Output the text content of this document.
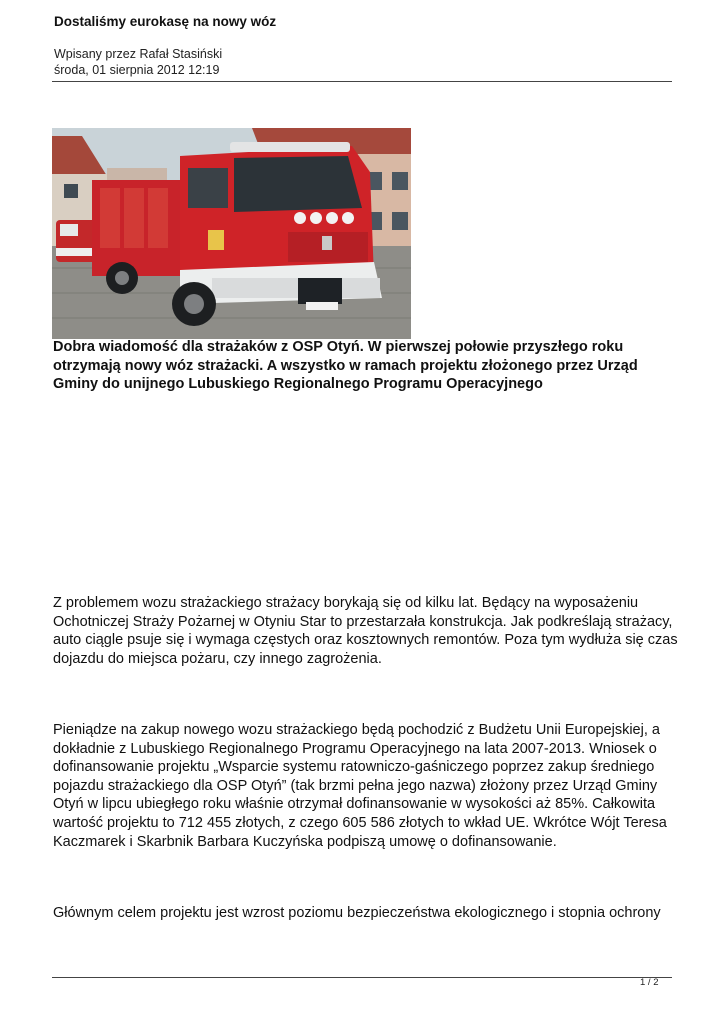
Dostaliśmy eurokasę na nowy wóz
Wpisany przez Rafał Stasiński
środa, 01 sierpnia 2012 12:19

Dobra wiadomość dla strażaków z OSP Otyń. W pierwszej połowie przyszłego roku otrzymają nowy wóz strażacki. A wszystko w ramach projektu złożonego przez Urząd Gminy do unijnego Lubuskiego Regionalnego Programu Operacyjnego

Z problemem wozu strażackiego strażacy borykają się od kilku lat. Będący na wyposażeniu Ochotniczej Straży Pożarnej w Otyniu Star to przestarzała konstrukcja. Jak podkreślają strażacy, auto ciągle psuje się i wymaga częstych oraz kosztownych remontów. Poza tym wydłuża się czas dojazdu do miejsca pożaru, czy innego zagrożenia.

Pieniądze na zakup nowego wozu strażackiego będą pochodzić z Budżetu Unii Europejskiej, a dokładnie z Lubuskiego Regionalnego Programu Operacyjnego na lata 2007-2013. Wniosek o dofinansowanie projektu „Wsparcie systemu ratowniczo-gaśniczego poprzez zakup średniego pojazdu strażackiego dla OSP Otyń” (tak brzmi pełna jego nazwa) złożony przez Urząd Gminy Otyń w lipcu ubiegłego roku właśnie otrzymał dofinansowanie w wysokości aż 85%. Całkowita wartość projektu to 712 455 złotych, z czego 605 586 złotych to wkład UE. Wkrótce Wójt Teresa Kaczmarek i Skarbnik Barbara Kuczyńska podpiszą umowę o dofinansowanie.

Głównym celem projektu jest wzrost poziomu bezpieczeństwa ekologicznego i stopnia ochrony

1 / 2
